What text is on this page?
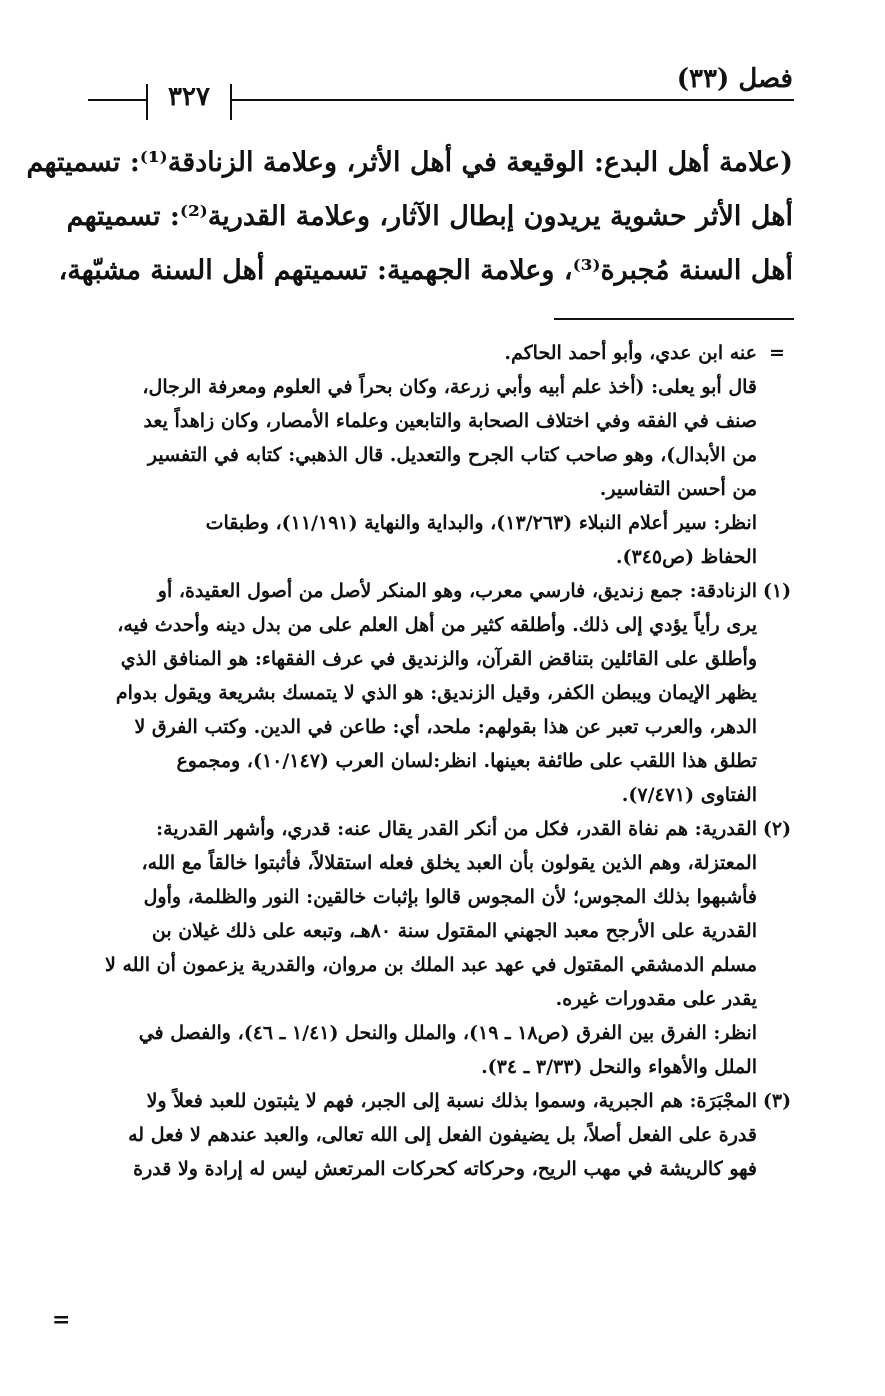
فصل (٣٣)
٣٢٧
(علامة أهل البدع: الوقيعة في أهل الأثر، وعلامة الزنادقة⁽¹⁾: تسميتهم
أهل الأثر حشوية يريدون إبطال الآثار، وعلامة القدرية⁽²⁾: تسميتهم
أهل السنة مُجبرة⁽³⁾، وعلامة الجهمية: تسميتهم أهل السنة مشبّهة،
=
عنه ابن عدي، وأبو أحمد الحاكم.
قال أبو يعلى: (أخذ علم أبيه وأبي زرعة، وكان بحراً في العلوم ومعرفة الرجال،
صنف في الفقه وفي اختلاف الصحابة والتابعين وعلماء الأمصار، وكان زاهداً يعد
من الأبدال)، وهو صاحب كتاب الجرح والتعديل. قال الذهبي: كتابه في التفسير
من أحسن التفاسير.
انظر: سير أعلام النبلاء (١٣/٢٦٣)، والبداية والنهاية (١١/١٩١)، وطبقات
الحفاظ (ص٣٤٥).
(١)
الزنادقة: جمع زنديق، فارسي معرب، وهو المنكر لأصل من أصول العقيدة، أو
يرى رأياً يؤدي إلى ذلك. وأطلقه كثير من أهل العلم على من بدل دينه وأحدث فيه،
وأطلق على القائلين بتناقض القرآن، والزنديق في عرف الفقهاء: هو المنافق الذي
يظهر الإيمان ويبطن الكفر، وقيل الزنديق: هو الذي لا يتمسك بشريعة ويقول بدوام
الدهر، والعرب تعبر عن هذا بقولهم: ملحد، أي: طاعن في الدين. وكتب الفرق لا
تطلق هذا اللقب على طائفة بعينها. انظر:لسان العرب (١٠/١٤٧)، ومجموع
الفتاوى (٧/٤٧١).
(٢)
القدرية: هم نفاة القدر، فكل من أنكر القدر يقال عنه: قدري، وأشهر القدرية:
المعتزلة، وهم الذين يقولون بأن العبد يخلق فعله استقلالاً، فأثبتوا خالقاً مع الله،
فأشبهوا بذلك المجوس؛ لأن المجوس قالوا بإثبات خالقين: النور والظلمة، وأول
القدرية على الأرجح معبد الجهني المقتول سنة ٨٠هـ، وتبعه على ذلك غيلان بن
مسلم الدمشقي المقتول في عهد عبد الملك بن مروان، والقدرية يزعمون أن الله لا
يقدر على مقدورات غيره.
انظر: الفرق بين الفرق (ص١٨ ـ ١٩)، والملل والنحل (١/٤١ ـ ٤٦)، والفصل في
الملل والأهواء والنحل (٣/٣٣ ـ ٣٤).
(٣)
المجْبَرَة: هم الجبرية، وسموا بذلك نسبة إلى الجبر، فهم لا يثبتون للعبد فعلاً ولا
قدرة على الفعل أصلاً، بل يضيفون الفعل إلى الله تعالى، والعبد عندهم لا فعل له
فهو كالريشة في مهب الريح، وحركاته كحركات المرتعش ليس له إرادة ولا قدرة
=
